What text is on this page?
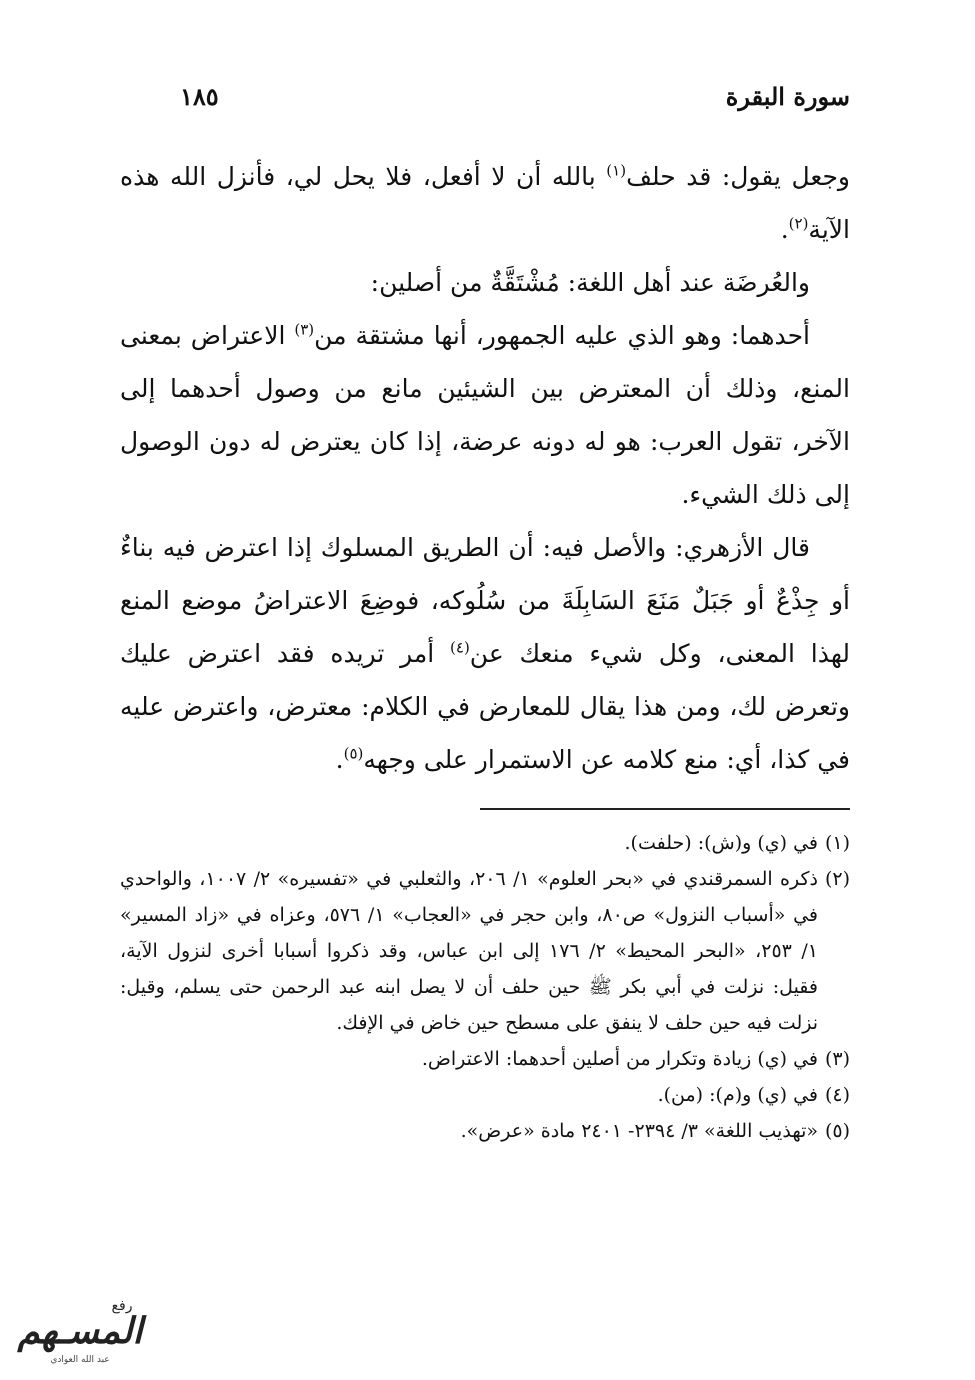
سورة البقرة
١٨٥

وجعل يقول: قد حلف$^{(١)}$ بالله أن لا أفعل، فلا يحل لي، فأنزل الله هذه الآية$^{(٢)}$.

والعُرضَة عند أهل اللغة: مُشْتَقَّةٌ من أصلين:

أحدهما: وهو الذي عليه الجمهور، أنها مشتقة من$^{(٣)}$ الاعتراض بمعنى المنع، وذلك أن المعترض بين الشيئين مانع من وصول أحدهما إلى الآخر، تقول العرب: هو له دونه عرضة، إذا كان يعترض له دون الوصول إلى ذلك الشيء.

قال الأزهري: والأصل فيه: أن الطريق المسلوك إذا اعترض فيه بناءٌ أو جِذْعٌ أو جَبَلٌ مَنَعَ السَابِلَةَ من سُلُوكه، فوضِعَ الاعتراضُ موضع المنع لهذا المعنى، وكل شيء منعك عن$^{(٤)}$ أمر تريده فقد اعترض عليك وتعرض لك، ومن هذا يقال للمعارض في الكلام: معترض، واعترض عليه في كذا، أي: منع كلامه عن الاستمرار على وجهه$^{(٥)}$.

(١)
في (ي) و(ش): (حلفت).

(٢)
ذكره السمرقندي في «بحر العلوم» ١/ ٢٠٦، والثعلبي في «تفسيره» ٢/ ١٠٠٧، والواحدي في «أسباب النزول» ص٨٠، وابن حجر في «العجاب» ١/ ٥٧٦، وعزاه في «زاد المسير» ١/ ٢٥٣، «البحر المحيط» ٢/ ١٧٦ إلى ابن عباس، وقد ذكروا أسبابا أخرى لنزول الآية، فقيل: نزلت في أبي بكر ﷺ حين حلف أن لا يصل ابنه عبد الرحمن حتى يسلم، وقيل: نزلت فيه حين حلف لا ينفق على مسطح حين خاض في الإفك.

(٣)
في (ي) زيادة وتكرار من أصلين أحدهما: الاعتراض.

(٤)
في (ي) و(م): (من).

(٥)
«تهذيب اللغة» ٣/ ٢٣٩٤- ٢٤٠١ مادة «عرض».

رفع
المسـهم
عبد الله العوادي
